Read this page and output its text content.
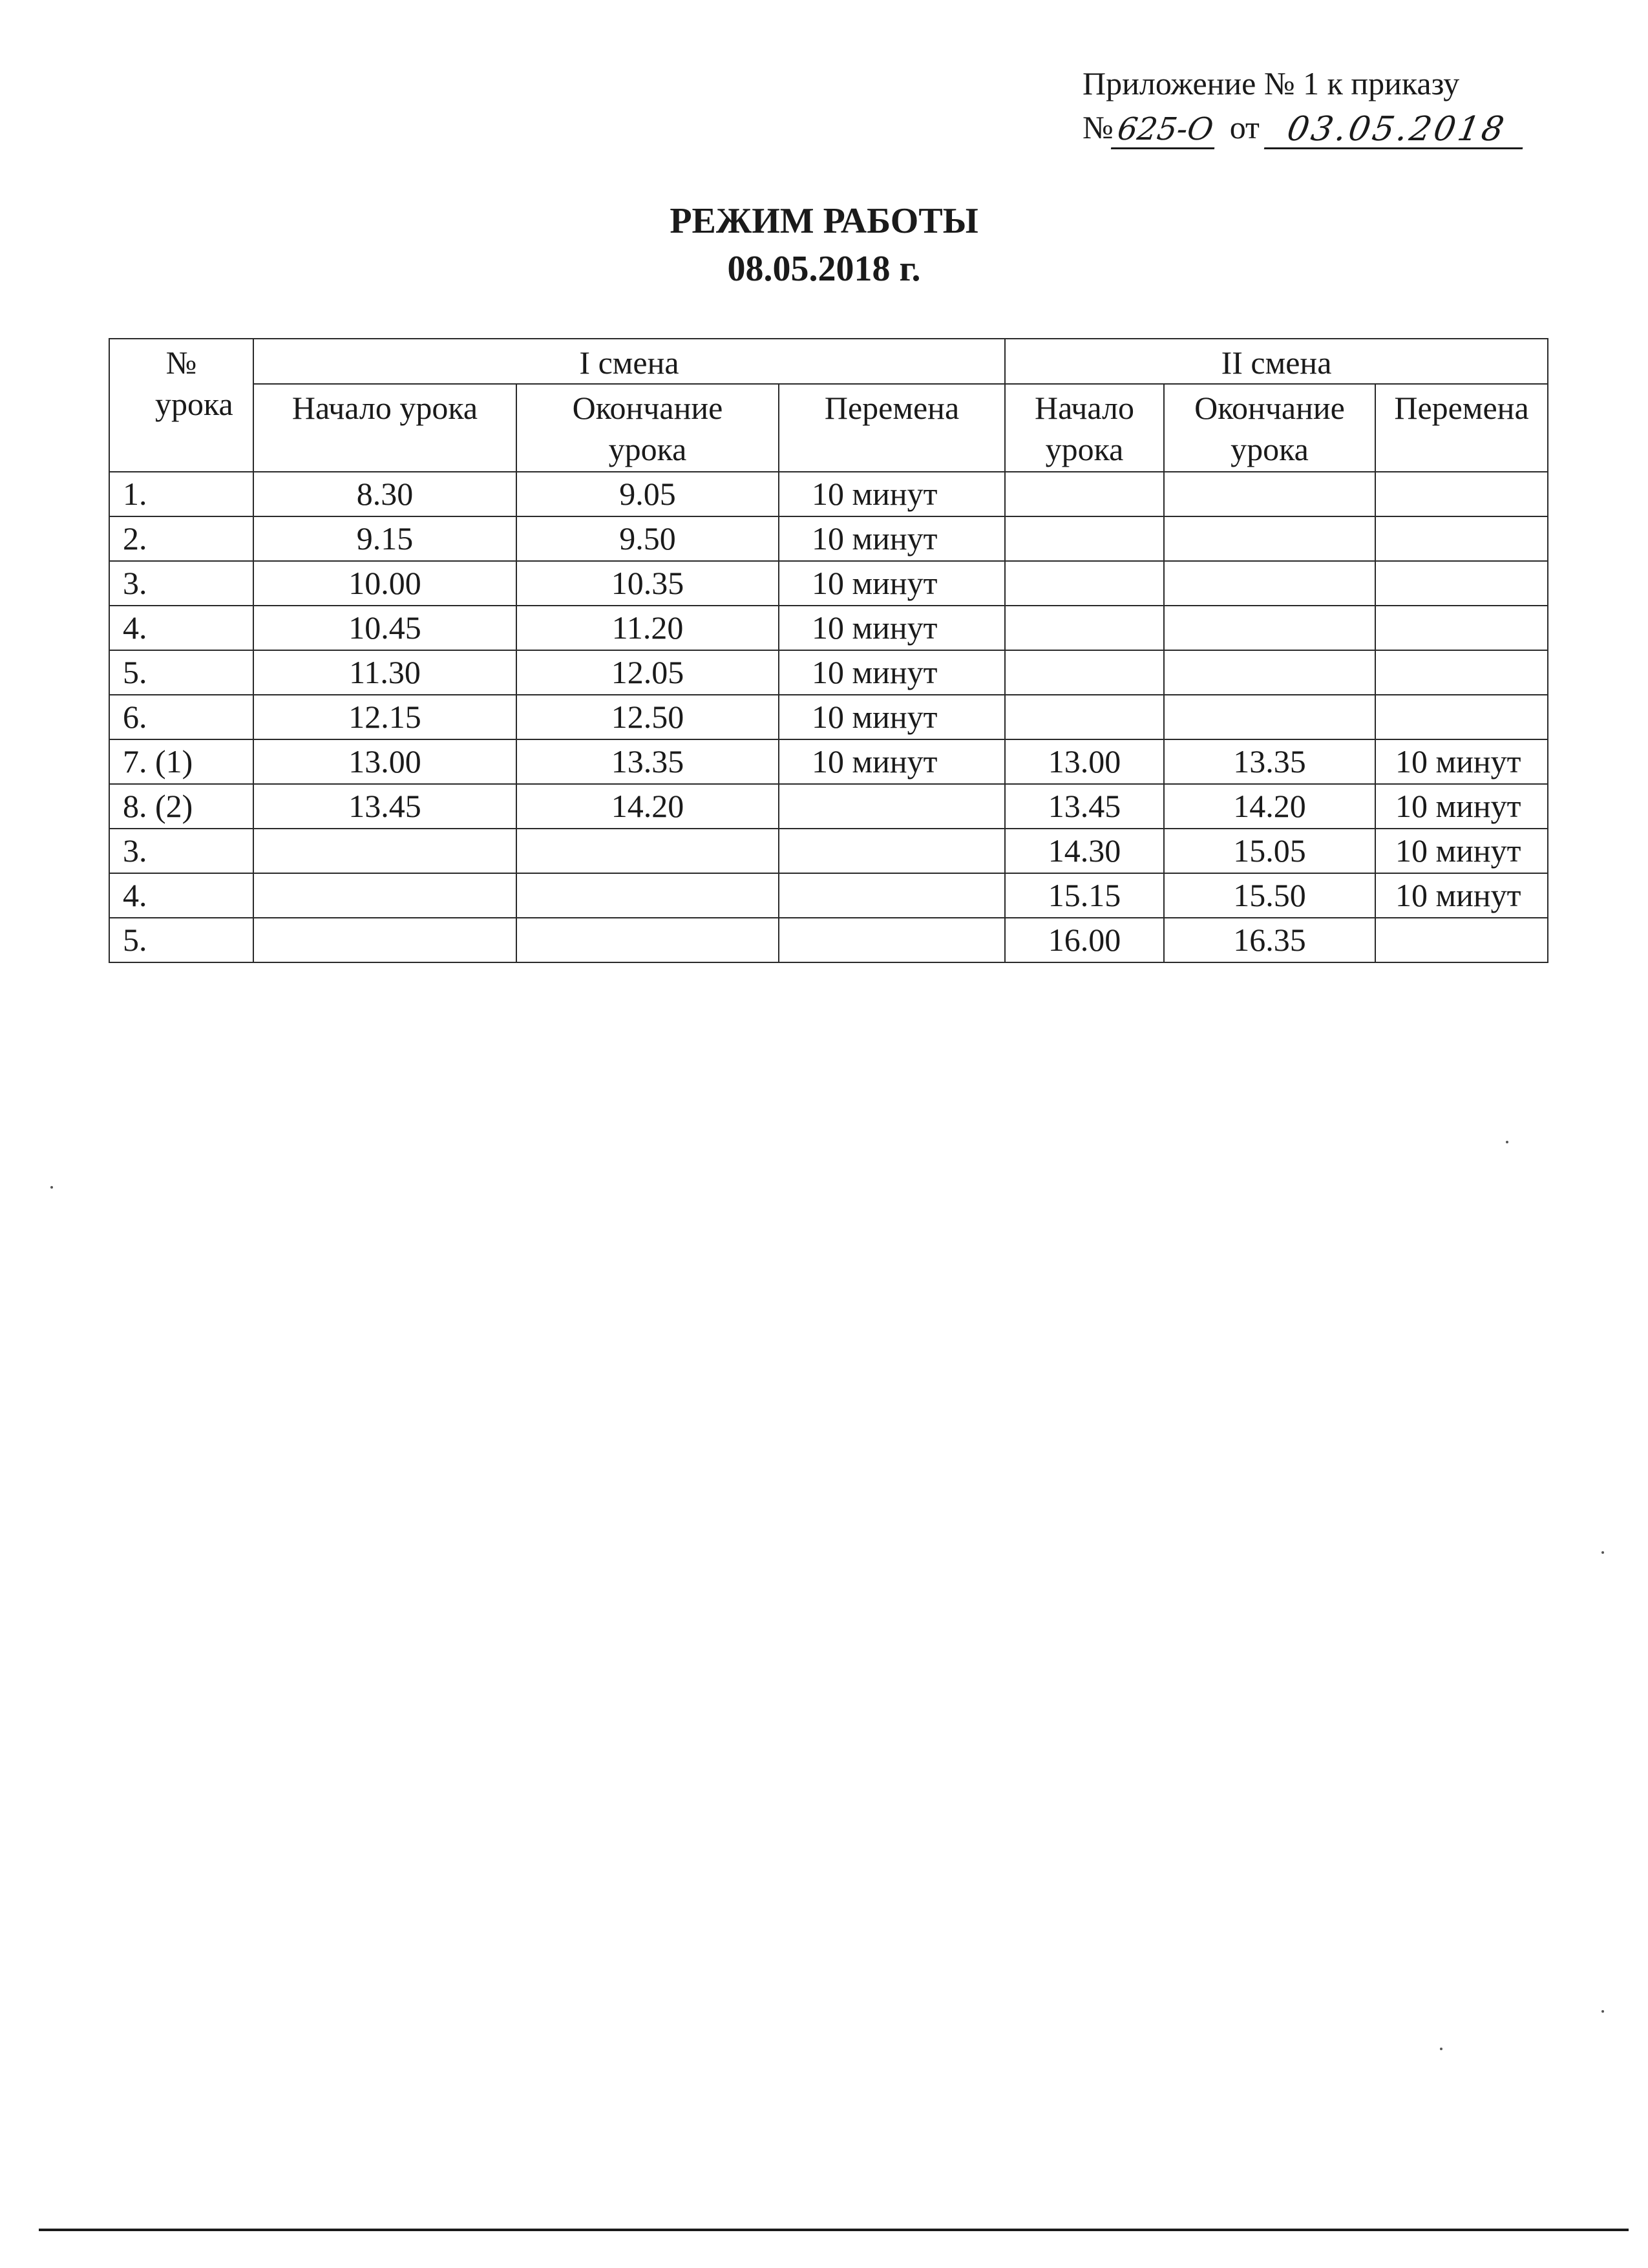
Приложение № 1 к приказу
№ 625-О от 03.05.2018
РЕЖИМ РАБОТЫ
08.05.2018 г.
№ урока	I смена			II смена		
	Начало урока	Окончание урока	Перемена	Начало урока	Окончание урока	Перемена
1.	8.30	9.05	10 минут			
2.	9.15	9.50	10 минут			
3.	10.00	10.35	10 минут			
4.	10.45	11.20	10 минут			
5.	11.30	12.05	10 минут			
6.	12.15	12.50	10 минут			
7. (1)	13.00	13.35	10 минут	13.00	13.35	10 минут
8. (2)	13.45	14.20		13.45	14.20	10 минут
3.				14.30	15.05	10 минут
4.				15.15	15.50	10 минут
5.				16.00	16.35	
